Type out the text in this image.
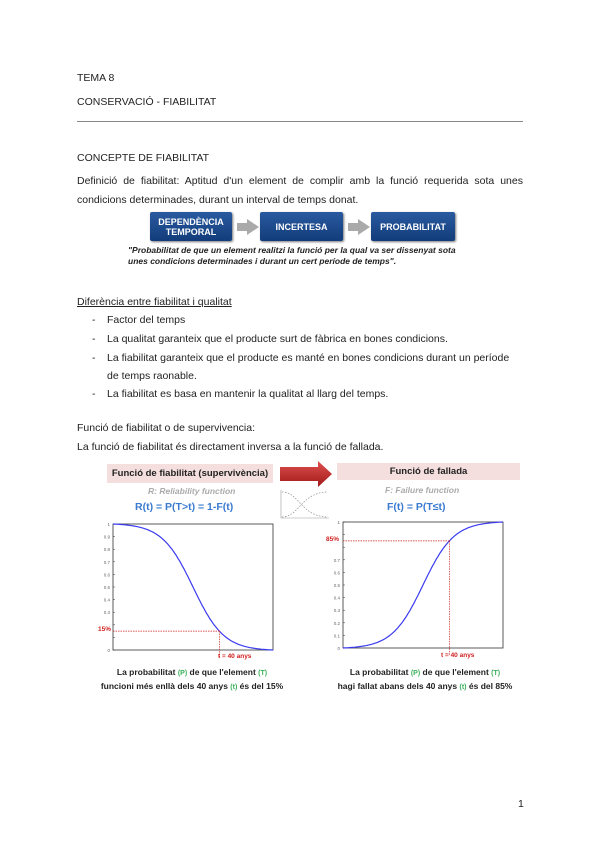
TEMA 8
CONSERVACIÓ - FIABILITAT
CONCEPTE DE FIABILITAT
Definició de fiabilitat: Aptitud d'un element de complir amb la funció requerida sota unes condicions determinades, durant un interval de temps donat.
DEPENDÈNCIA TEMPORAL	INCERTESA	PROBABILITAT
"Probabilitat de que un element realitzi la funció per la qual va ser dissenyat sota
unes condicions determinades i durant un cert període de temps".
Diferència entre fiabilitat i qualitat
- Factor del temps
- La qualitat garanteix que el producte surt de fàbrica en bones condicions.
- La fiabilitat garanteix que el producte es manté en bones condicions durant un període
de temps raonable.
- La fiabilitat es basa en mantenir la qualitat al llarg del temps.
Funció de fiabilitat o de supervivencia:
La funció de fiabilitat és directament inversa a la funció de fallada.
Funció de fiabilitat (supervivència)
R: Reliability function
R(t) = P(T>t) = 1-F(t)
Funció de fallada
F: Failure function
F(t) = P(T≤t)
0
0.3
0.4
0.5
0.6
0.7
0.8
0.9
1
0
0.1
0.2
0.3
0.4
0.5
0.6
0.7
1
15%
t = 40 anys
85%
t = 40 anys
La probabilitat (P) de que l'element (T)
funcioni més enllà dels 40 anys (t) és del 15%
La probabilitat (P) de que l'element (T)
hagi fallat abans dels 40 anys (t) és del 85%
1
